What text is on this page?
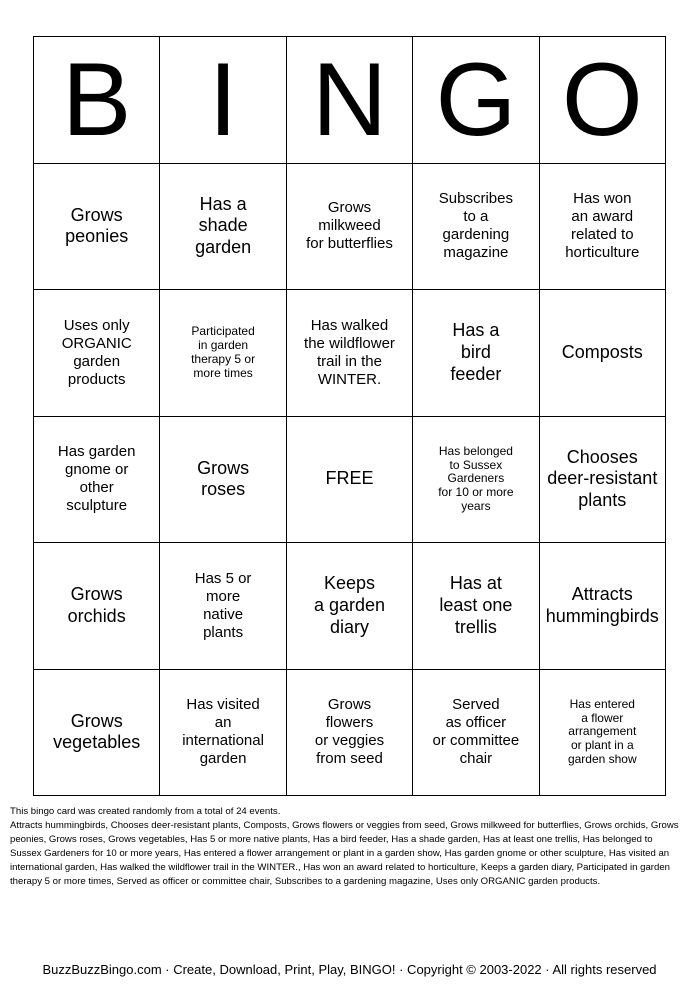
B I N G O
Grows
peonies
Has a
shade
garden
Grows
milkweed
for butterflies
Subscribes
to a
gardening
magazine
Has won
an award
related to
horticulture
Uses only
ORGANIC
garden
products
Participated
in garden
therapy 5 or
more times
Has walked
the wildflower
trail in the
WINTER.
Has a
bird
feeder
Composts
Has garden
gnome or
other
sculpture
Grows
roses
FREE
Has belonged
to Sussex
Gardeners
for 10 or more
years
Chooses
deer-resistant
plants
Grows
orchids
Has 5 or
more
native
plants
Keeps
a garden
diary
Has at
least one
trellis
Attracts
hummingbirds
Grows
vegetables
Has visited
an
international
garden
Grows
flowers
or veggies
from seed
Served
as officer
or committee
chair
Has entered
a flower
arrangement
or plant in a
garden show
This bingo card was created randomly from a total of 24 events.
Attracts hummingbirds, Chooses deer-resistant plants, Composts, Grows flowers or veggies from seed, Grows milkweed for butterflies, Grows orchids, Grows peonies, Grows roses, Grows vegetables, Has 5 or more native plants, Has a bird feeder, Has a shade garden, Has at least one trellis, Has belonged to Sussex Gardeners for 10 or more years, Has entered a flower arrangement or plant in a garden show, Has garden gnome or other sculpture, Has visited an international garden, Has walked the wildflower trail in the WINTER., Has won an award related to horticulture, Keeps a garden diary, Participated in garden therapy 5 or more times, Served as officer or committee chair, Subscribes to a gardening magazine, Uses only ORGANIC garden products.
BuzzBuzzBingo.com · Create, Download, Print, Play, BINGO! · Copyright © 2003-2022 · All rights reserved
